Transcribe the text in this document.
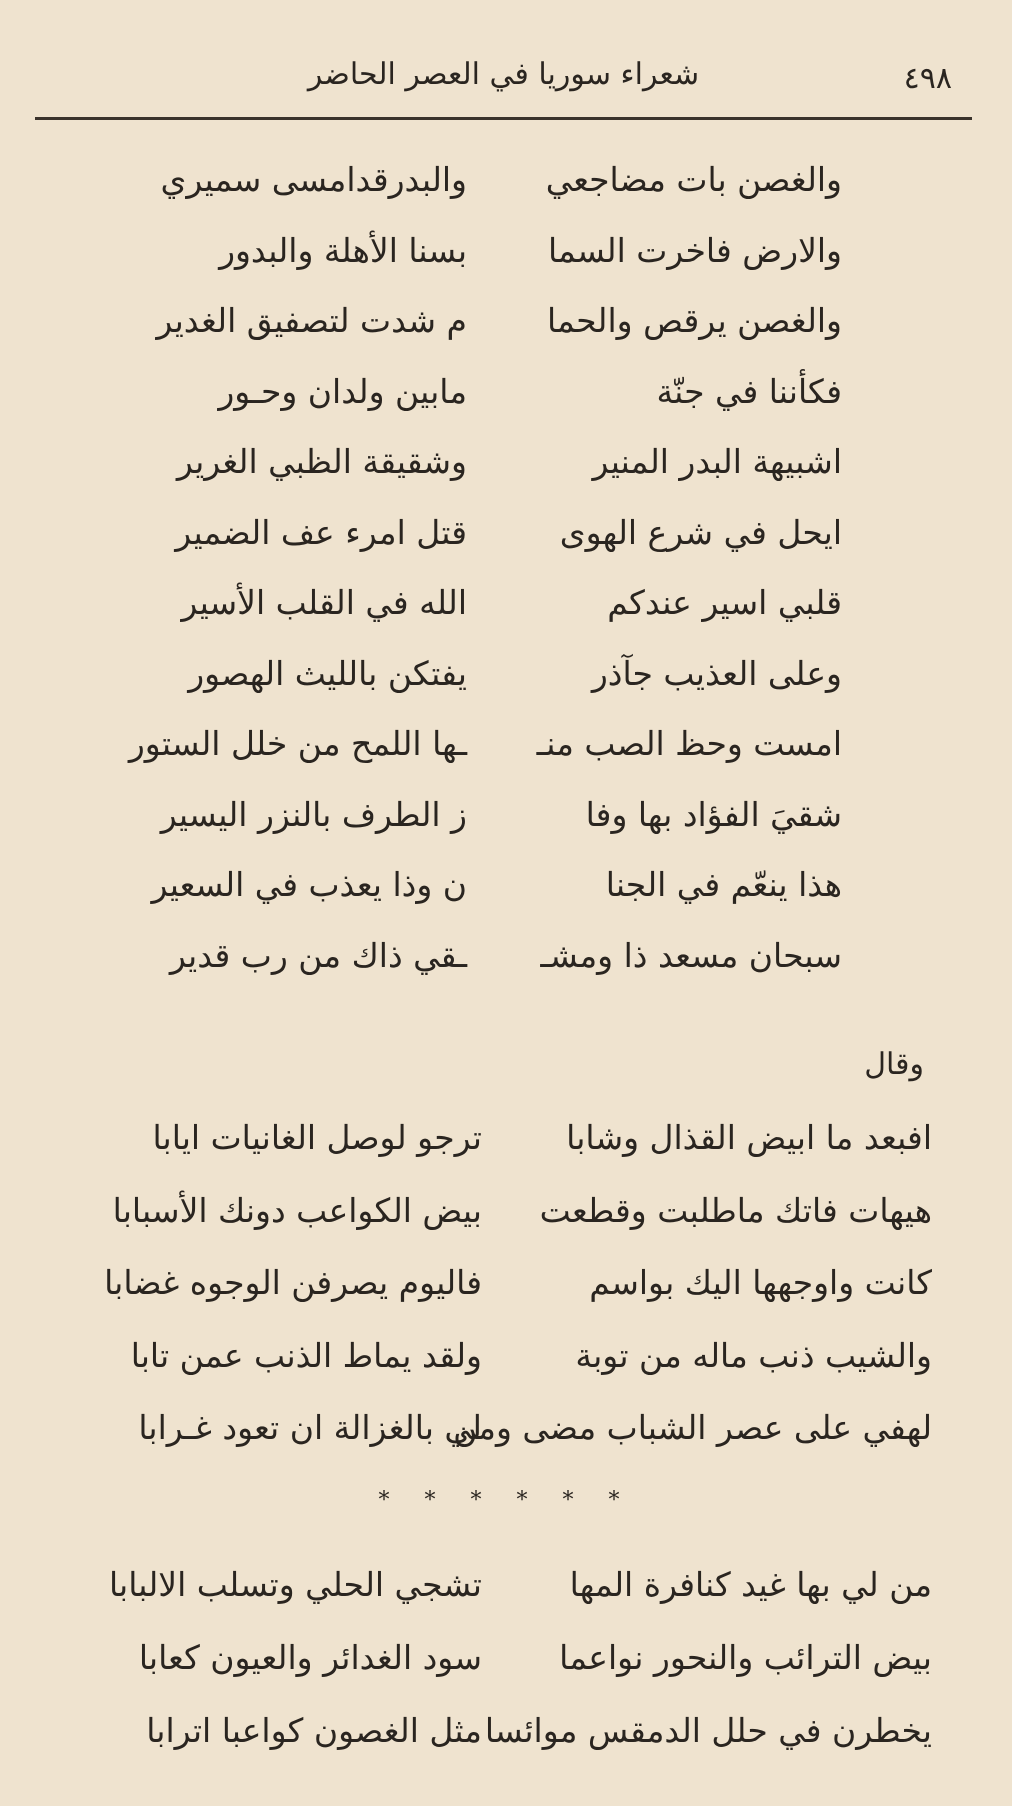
٤٩٨
شعراء سوريا في العصر الحاضر
والغصن بات مضاجعي
والبدرقدامسى سميري
والارض فاخرت السما
بسنا الأهلة والبدور
والغصن يرقص والحما
م شدت لتصفيق الغدير
فكأننا في جنّة
مابين ولدان وحـور
اشبيهة البدر المنير
وشقيقة الظبي الغرير
ايحل في شرع الهوى
قتل امرء عف الضمير
قلبي اسير عندكم
الله في القلب الأسير
وعلى العذيب جآذر
يفتكن بالليث الهصور
امست وحظ الصب منـ
ـها اللمح من خلل الستور
شقيَ الفؤاد بها وفا
ز الطرف بالنزر اليسير
هذا ينعّم في الجنا
ن وذا يعذب في السعير
سبحان مسعد ذا ومشـ
ـقي ذاك من رب قدير
وقال
افبعد ما ابيض القذال وشابا
ترجو لوصل الغانيات ايابا
هيهات فاتك ماطلبت وقطعت
بيض الكواعب دونك الأسبابا
كانت واوجهها اليك بواسم
فاليوم يصرفن الوجوه غضابا
والشيب ذنب ماله من توبة
ولقد يماط الذنب عمن تابا
لهفي على عصر الشباب مضى ومن
لي بالغزالة ان تعود غـرابا
* * * * * *
من لي بها غيد كنافرة المها
تشجي الحلي وتسلب الالبابا
بيض الترائب والنحور نواعما
سود الغدائر والعيون كعابا
يخطرن في حلل الدمقس موائسا
مثل الغصون كواعبا اترابا
